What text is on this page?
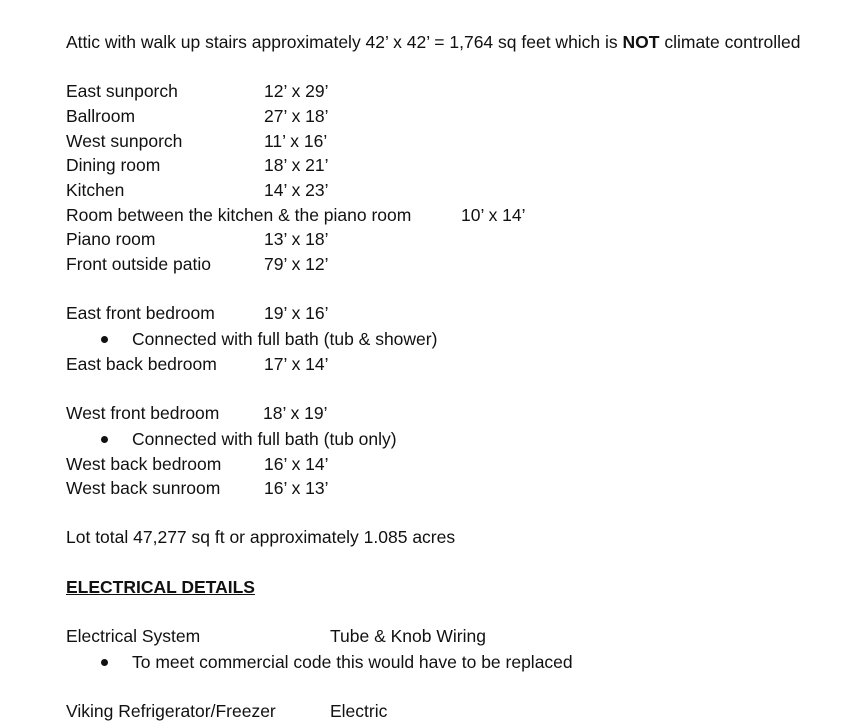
Attic with walk up stairs approximately 42’ x 42’ = 1,764 sq feet which is NOT climate controlled
East sunporch	12’ x 29’
Ballroom	27’ x 18’
West sunporch	11’ x 16’
Dining room	18’ x 21’
Kitchen	14’ x 23’
Room between the kitchen & the piano room	10’ x 14’
Piano room	13’ x 18’
Front outside patio	79’ x 12’
East front bedroom	19’ x 16’
Connected with full bath (tub & shower)
East back bedroom	17’ x 14’
West front bedroom 18’ x 19’
Connected with full bath (tub only)
West back bedroom 16’ x 14’
West back sunroom 16’ x 13’
Lot total 47,277 sq ft or approximately 1.085 acres
ELECTRICAL DETAILS
Electrical System	Tube & Knob Wiring
To meet commercial code this would have to be replaced
Viking Refrigerator/Freezer	Electric
